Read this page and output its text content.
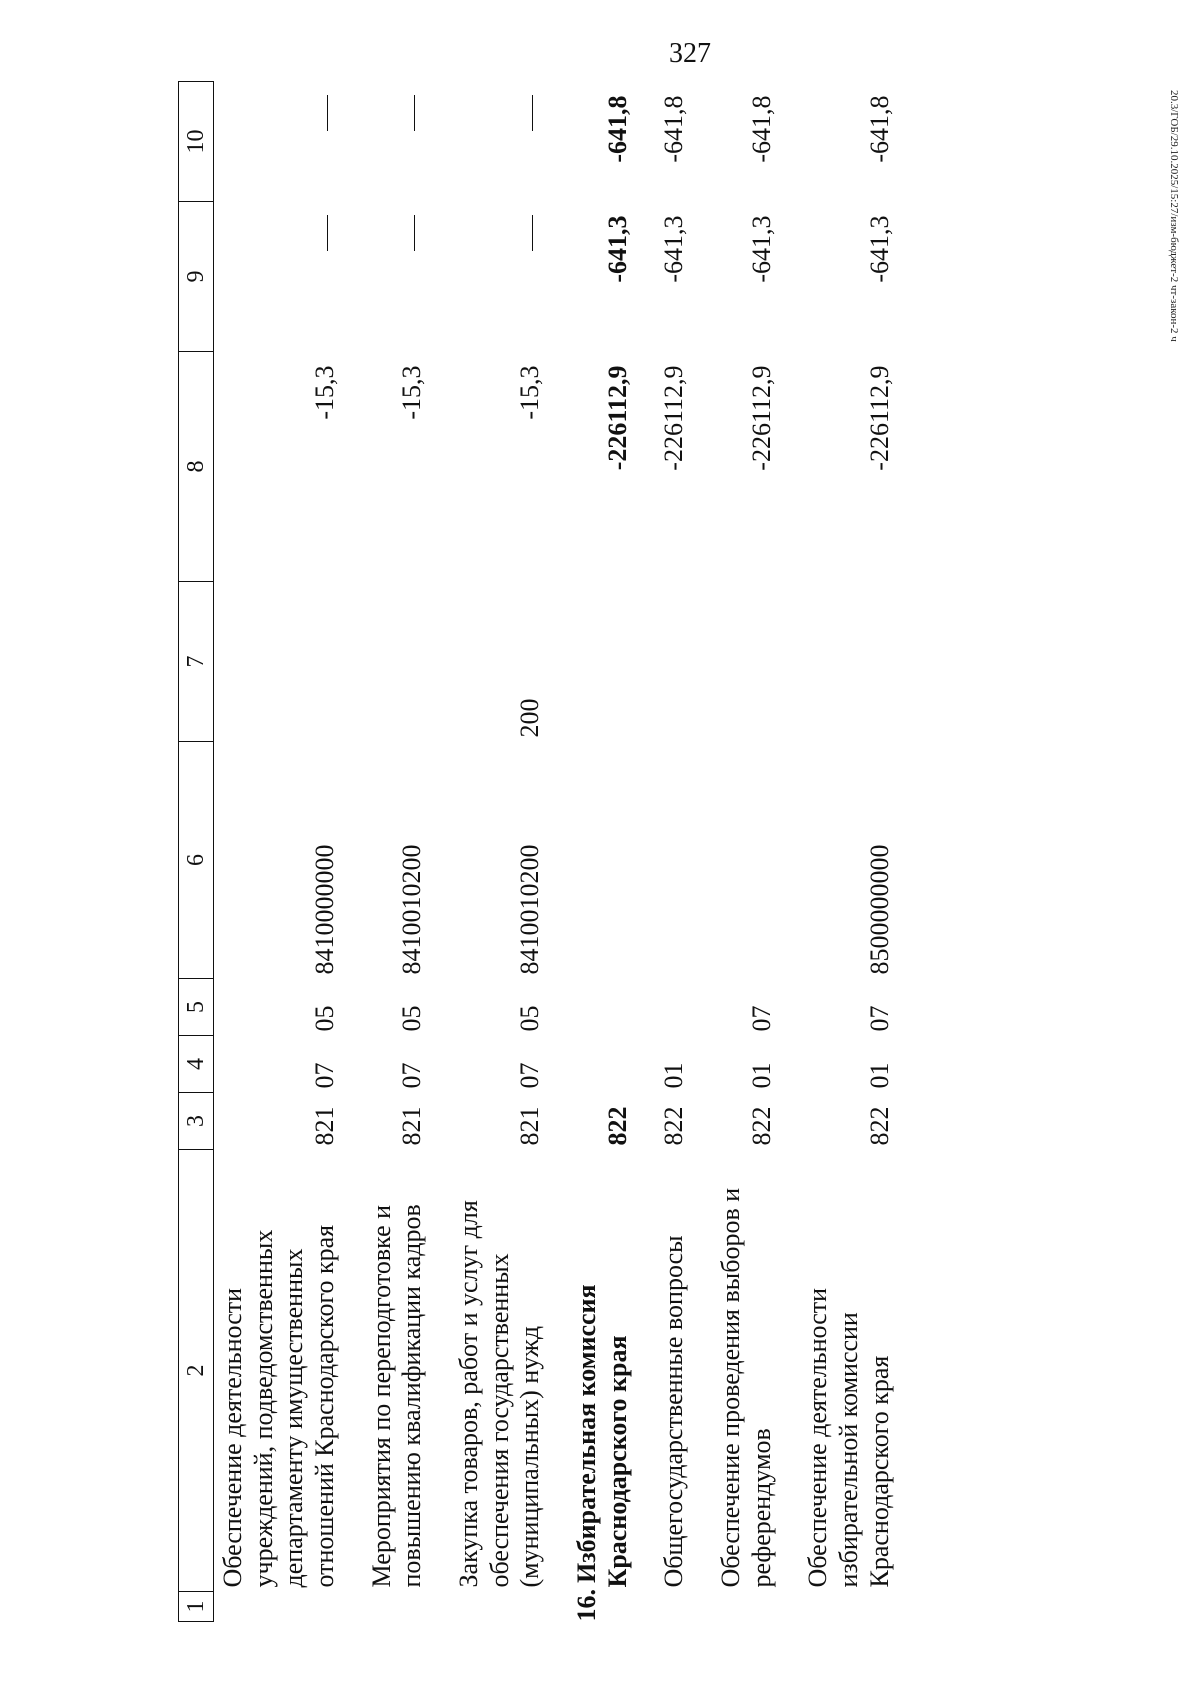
327
20.3/ГОБ/29.10.2025/15:27/изм-бюджет-2 чт-закон-2 ч
1	2	3	4	5	6	7	8	9	10
	Обеспечение деятельности учреждений, подведомственных департаменту имущественных отношений Краснодарского края	821	07	05	8410000000		-15,3		
	Мероприятия по переподготовке и повышению квалификации кадров	821	07	05	8410010200		-15,3		
	Закупка товаров, работ и услуг для обеспечения государственных (муниципальных) нужд	821	07	05	8410010200	200	-15,3		
	16.Избирательная комиссия Краснодарского края	822					-226112,9	-641,3	-641,8
	Общегосударственные вопросы	822	01				-226112,9	-641,3	-641,8
	Обеспечение проведения выборов и референдумов	822	01	07			-226112,9	-641,3	-641,8
	Обеспечение деятельности избирательной комиссии Краснодарского края	822	01	07	8500000000		-226112,9	-641,3	-641,8
